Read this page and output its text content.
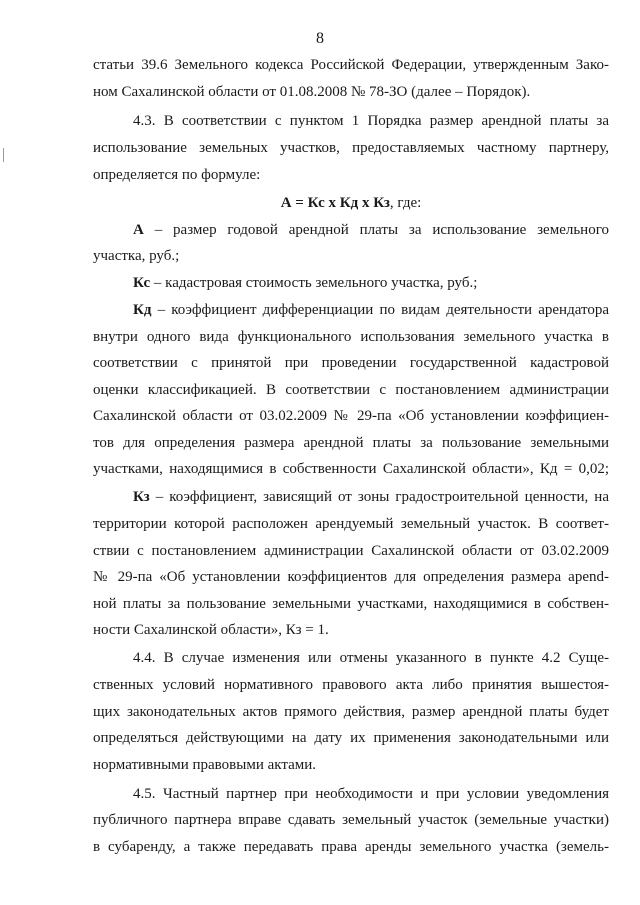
8
статьи 39.6 Земельного кодекса Российской Федерации, утвержденным Зако-
ном Сахалинской области от 01.08.2008 № 78-ЗО (далее – Порядок).
4.3. В соответствии с пунктом 1 Порядка размер арендной платы за
использование земельных участков, предоставляемых частному партнеру,
определяется по формуле:
А = Кс х Кд х Кз, где:
А – размер годовой арендной платы за использование земельного
участка, руб.;
Кс – кадастровая стоимость земельного участка, руб.;
Кд – коэффициент дифференциации по видам деятельности арендатора
внутри одного вида функционального использования земельного участка в
соответствии с принятой при проведении государственной кадастровой
оценки классификацией. В соответствии с постановлением администрации
Сахалинской области от 03.02.2009 № 29-па «Об установлении коэффициен-
тов для определения размера арендной платы за пользование земельными
участками, находящимися в собственности Сахалинской области», Кд = 0,02;
Кз – коэффициент, зависящий от зоны градостроительной ценности, на
территории которой расположен арендуемый земельный участок. В соответ-
ствии с постановлением администрации Сахалинской области от 03.02.2009
№ 29-па «Об установлении коэффициентов для определения размера арend-
ной платы за пользование земельными участками, находящимися в собствен-
ности Сахалинской области», Кз = 1.
4.4. В случае изменения или отмены указанного в пункте 4.2 Суще-
ственных условий нормативного правового акта либо принятия вышестоя-
щих законодательных актов прямого действия, размер арендной платы будет
определяться действующими на дату их применения законодательными или
нормативными правовыми актами.
4.5. Частный партнер при необходимости и при условии уведомления
публичного партнера вправе сдавать земельный участок (земельные участки)
в субаренду, а также передавать права аренды земельного участка (земель-
